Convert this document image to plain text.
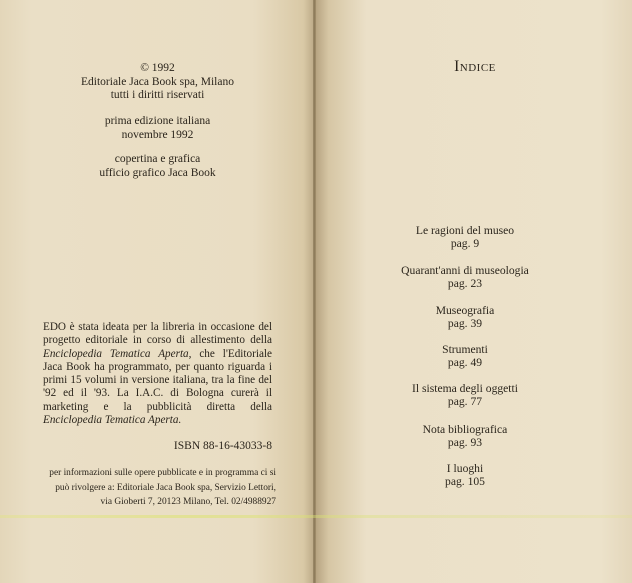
© 1992
Editoriale Jaca Book spa, Milano
tutti i diritti riservati
prima edizione italiana
novembre 1992
copertina e grafica
ufficio grafico Jaca Book
EDO è stata ideata per la libreria in occasione del progetto editoriale in corso di allestimento della Enciclopedia Tematica Aperta, che l'Editoriale Jaca Book ha programmato, per quanto riguarda i primi 15 volumi in versione italiana, tra la fine del '92 ed il '93. La I.A.C. di Bologna curerà il marketing e la pubblicità diretta della Enciclopedia Tematica Aperta.
ISBN 88-16-43033-8
per informazioni sulle opere pubblicate e in programma ci si
può rivolgere a: Editoriale Jaca Book spa, Servizio Lettori,
via Gioberti 7, 20123 Milano, Tel. 02/4988927
Indice
Le ragioni del museo
pag. 9
Quarant'anni di museologia
pag. 23
Museografia
pag. 39
Strumenti
pag. 49
Il sistema degli oggetti
pag. 77
Nota bibliografica
pag. 93
I luoghi
pag. 105
